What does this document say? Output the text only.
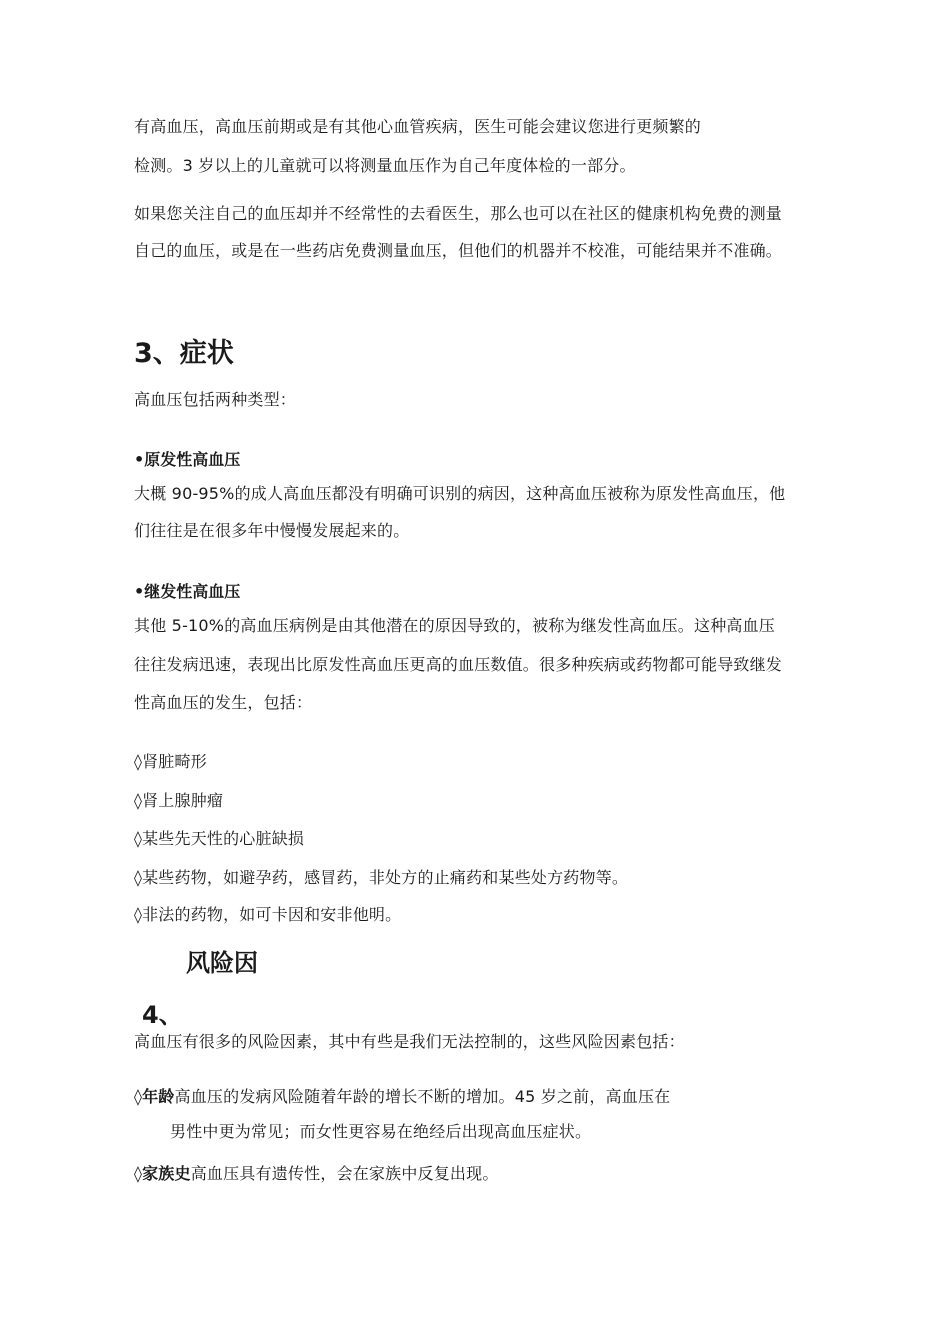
有高血压，高血压前期或是有其他心血管疾病，医生可能会建议您进行更频繁的
检测。3 岁以上的儿童就可以将测量血压作为自己年度体检的一部分。
如果您关注自己的血压却并不经常性的去看医生，那么也可以在社区的健康机构免费的测量
自己的血压，或是在一些药店免费测量血压，但他们的机器并不校准，可能结果并不准确。
3、症状
高血压包括两种类型：
•原发性高血压
大概 90-95%的成人高血压都没有明确可识别的病因，这种高血压被称为原发性高血压，他
们往往是在很多年中慢慢发展起来的。
•继发性高血压
其他 5-10%的高血压病例是由其他潜在的原因导致的，被称为继发性高血压。这种高血压
往往发病迅速，表现出比原发性高血压更高的血压数值。很多种疾病或药物都可能导致继发
性高血压的发生，包括：
◊肾脏畸形
◊肾上腺肿瘤
◊某些先天性的心脏缺损
◊某些药物，如避孕药，感冒药，非处方的止痛药和某些处方药物等。
◊非法的药物，如可卡因和安非他明。
风险因
4、
高血压有很多的风险因素，其中有些是我们无法控制的，这些风险因素包括：
◊年龄高血压的发病风险随着年龄的增长不断的增加。45 岁之前，高血压在
男性中更为常见；而女性更容易在绝经后出现高血压症状。
◊家族史高血压具有遗传性，会在家族中反复出现。
